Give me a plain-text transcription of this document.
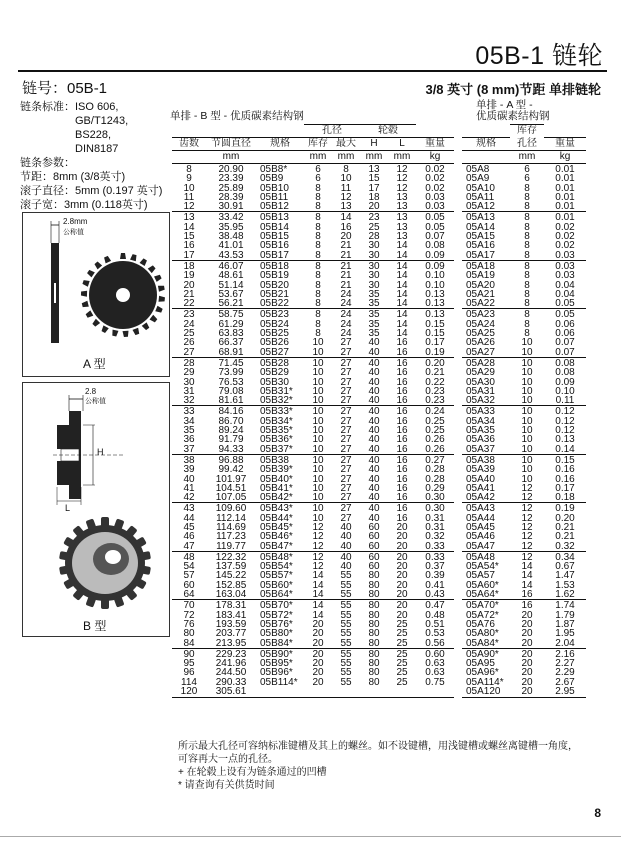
05B-1 链轮
链号：05B-1	3/8 英寸 (8 mm)节距 单排链轮
链条标准： ISO 606,
GB/T1243,
BS228,
DIN8187
链条参数：
节距：8mm (3/8英寸)
滚子直径：5mm (0.197 英寸)
滚子宽：3mm (0.118英寸)
2.8mm
公称值
A 型
2.8
公称值
H
L
B 型
单排 - B 型 - 优质碳素结构钢
单排 - A 型 -
优质碳素结构钢
			孔径		轮毂					库存	
齿数	节圆直径	规格	库存	最大	H	L	重量		规格	孔径	重量
	mm		mm	mm	mm	mm	kg			mm	kg
8	20.90	05B8*	6	8	13	12	0.02		05A8	6	0.01
9	23.39	05B9	6	10	15	12	0.02		05A9	6	0.01
10	25.89	05B10	8	11	17	12	0.02		05A10	8	0.01
11	28.39	05B11	8	12	18	13	0.03		05A11	8	0.01
12	30.91	05B12	8	13	20	13	0.03		05A12	8	0.01
13	33.42	05B13	8	14	23	13	0.05		05A13	8	0.01
14	35.95	05B14	8	16	25	13	0.05		05A14	8	0.02
15	38.48	05B15	8	20	28	13	0.07		05A15	8	0.02
16	41.01	05B16	8	21	30	14	0.08		05A16	8	0.02
17	43.53	05B17	8	21	30	14	0.09		05A17	8	0.03
18	46.07	05B18	8	21	30	14	0.09		05A18	8	0.03
19	48.61	05B19	8	21	30	14	0.10		05A19	8	0.03
20	51.14	05B20	8	21	30	14	0.10		05A20	8	0.04
21	53.67	05B21	8	24	35	14	0.13		05A21	8	0.04
22	56.21	05B22	8	24	35	14	0.13		05A22	8	0.05
23	58.75	05B23	8	24	35	14	0.13		05A23	8	0.05
24	61.29	05B24	8	24	35	14	0.15		05A24	8	0.06
25	63.83	05B25	8	24	35	14	0.15		05A25	8	0.06
26	66.37	05B26	10	27	40	16	0.17		05A26	10	0.07
27	68.91	05B27	10	27	40	16	0.19		05A27	10	0.07
28	71.45	05B28	10	27	40	16	0.20		05A28	10	0.08
29	73.99	05B29	10	27	40	16	0.21		05A29	10	0.08
30	76.53	05B30	10	27	40	16	0.22		05A30	10	0.09
31	79.08	05B31*	10	27	40	16	0.23		05A31	10	0.10
32	81.61	05B32*	10	27	40	16	0.23		05A32	10	0.11
33	84.16	05B33*	10	27	40	16	0.24		05A33	10	0.12
34	86.70	05B34*	10	27	40	16	0.25		05A34	10	0.12
35	89.24	05B35*	10	27	40	16	0.25		05A35	10	0.12
36	91.79	05B36*	10	27	40	16	0.26		05A36	10	0.13
37	94.33	05B37*	10	27	40	16	0.26		05A37	10	0.14
38	96.88	05B38	10	27	40	16	0.27		05A38	10	0.15
39	99.42	05B39*	10	27	40	16	0.28		05A39	10	0.16
40	101.97	05B40*	10	27	40	16	0.28		05A40	10	0.16
41	104.51	05B41*	10	27	40	16	0.29		05A41	12	0.17
42	107.05	05B42*	10	27	40	16	0.30		05A42	12	0.18
43	109.60	05B43*	10	27	40	16	0.30		05A43	12	0.19
44	112.14	05B44*	10	27	40	16	0.31		05A44	12	0.20
45	114.69	05B45*	12	40	60	20	0.31		05A45	12	0.21
46	117.23	05B46*	12	40	60	20	0.32		05A46	12	0.21
47	119.77	05B47*	12	40	60	20	0.33		05A47	12	0.32
48	122.32	05B48*	12	40	60	20	0.33		05A48	12	0.34
54	137.59	05B54*	12	40	60	20	0.37		05A54*	14	0.67
57	145.22	05B57*	14	55	80	20	0.39		05A57	14	1.47
60	152.85	05B60*	14	55	80	20	0.41		05A60*	14	1.53
64	163.04	05B64*	14	55	80	20	0.43		05A64*	16	1.62
70	178.31	05B70*	14	55	80	20	0.47		05A70*	16	1.74
72	183.41	05B72*	14	55	80	20	0.48		05A72*	20	1.79
76	193.59	05B76*	20	55	80	25	0.51		05A76	20	1.87
80	203.77	05B80*	20	55	80	25	0.53		05A80*	20	1.95
84	213.95	05B84*	20	55	80	25	0.56		05A84*	20	2.04
90	229.23	05B90*	20	55	80	25	0.60		05A90*	20	2.16
95	241.96	05B95*	20	55	80	25	0.63		05A95	20	2.27
96	244.50	05B96*	20	55	80	25	0.63		05A96*	20	2.29
114	290.33	05B114*	20	55	80	25	0.75		05A114*	20	2.67
120	305.61								05A120	20	2.95
所示最大孔径可容纳标准键槽及其上的螺丝。如不设键槽，用浅键槽或螺丝离键槽一角度，
可容再大一点的孔径。
+ 在轮毂上设有为链条通过的凹槽
* 请查询有关供货时间
8
